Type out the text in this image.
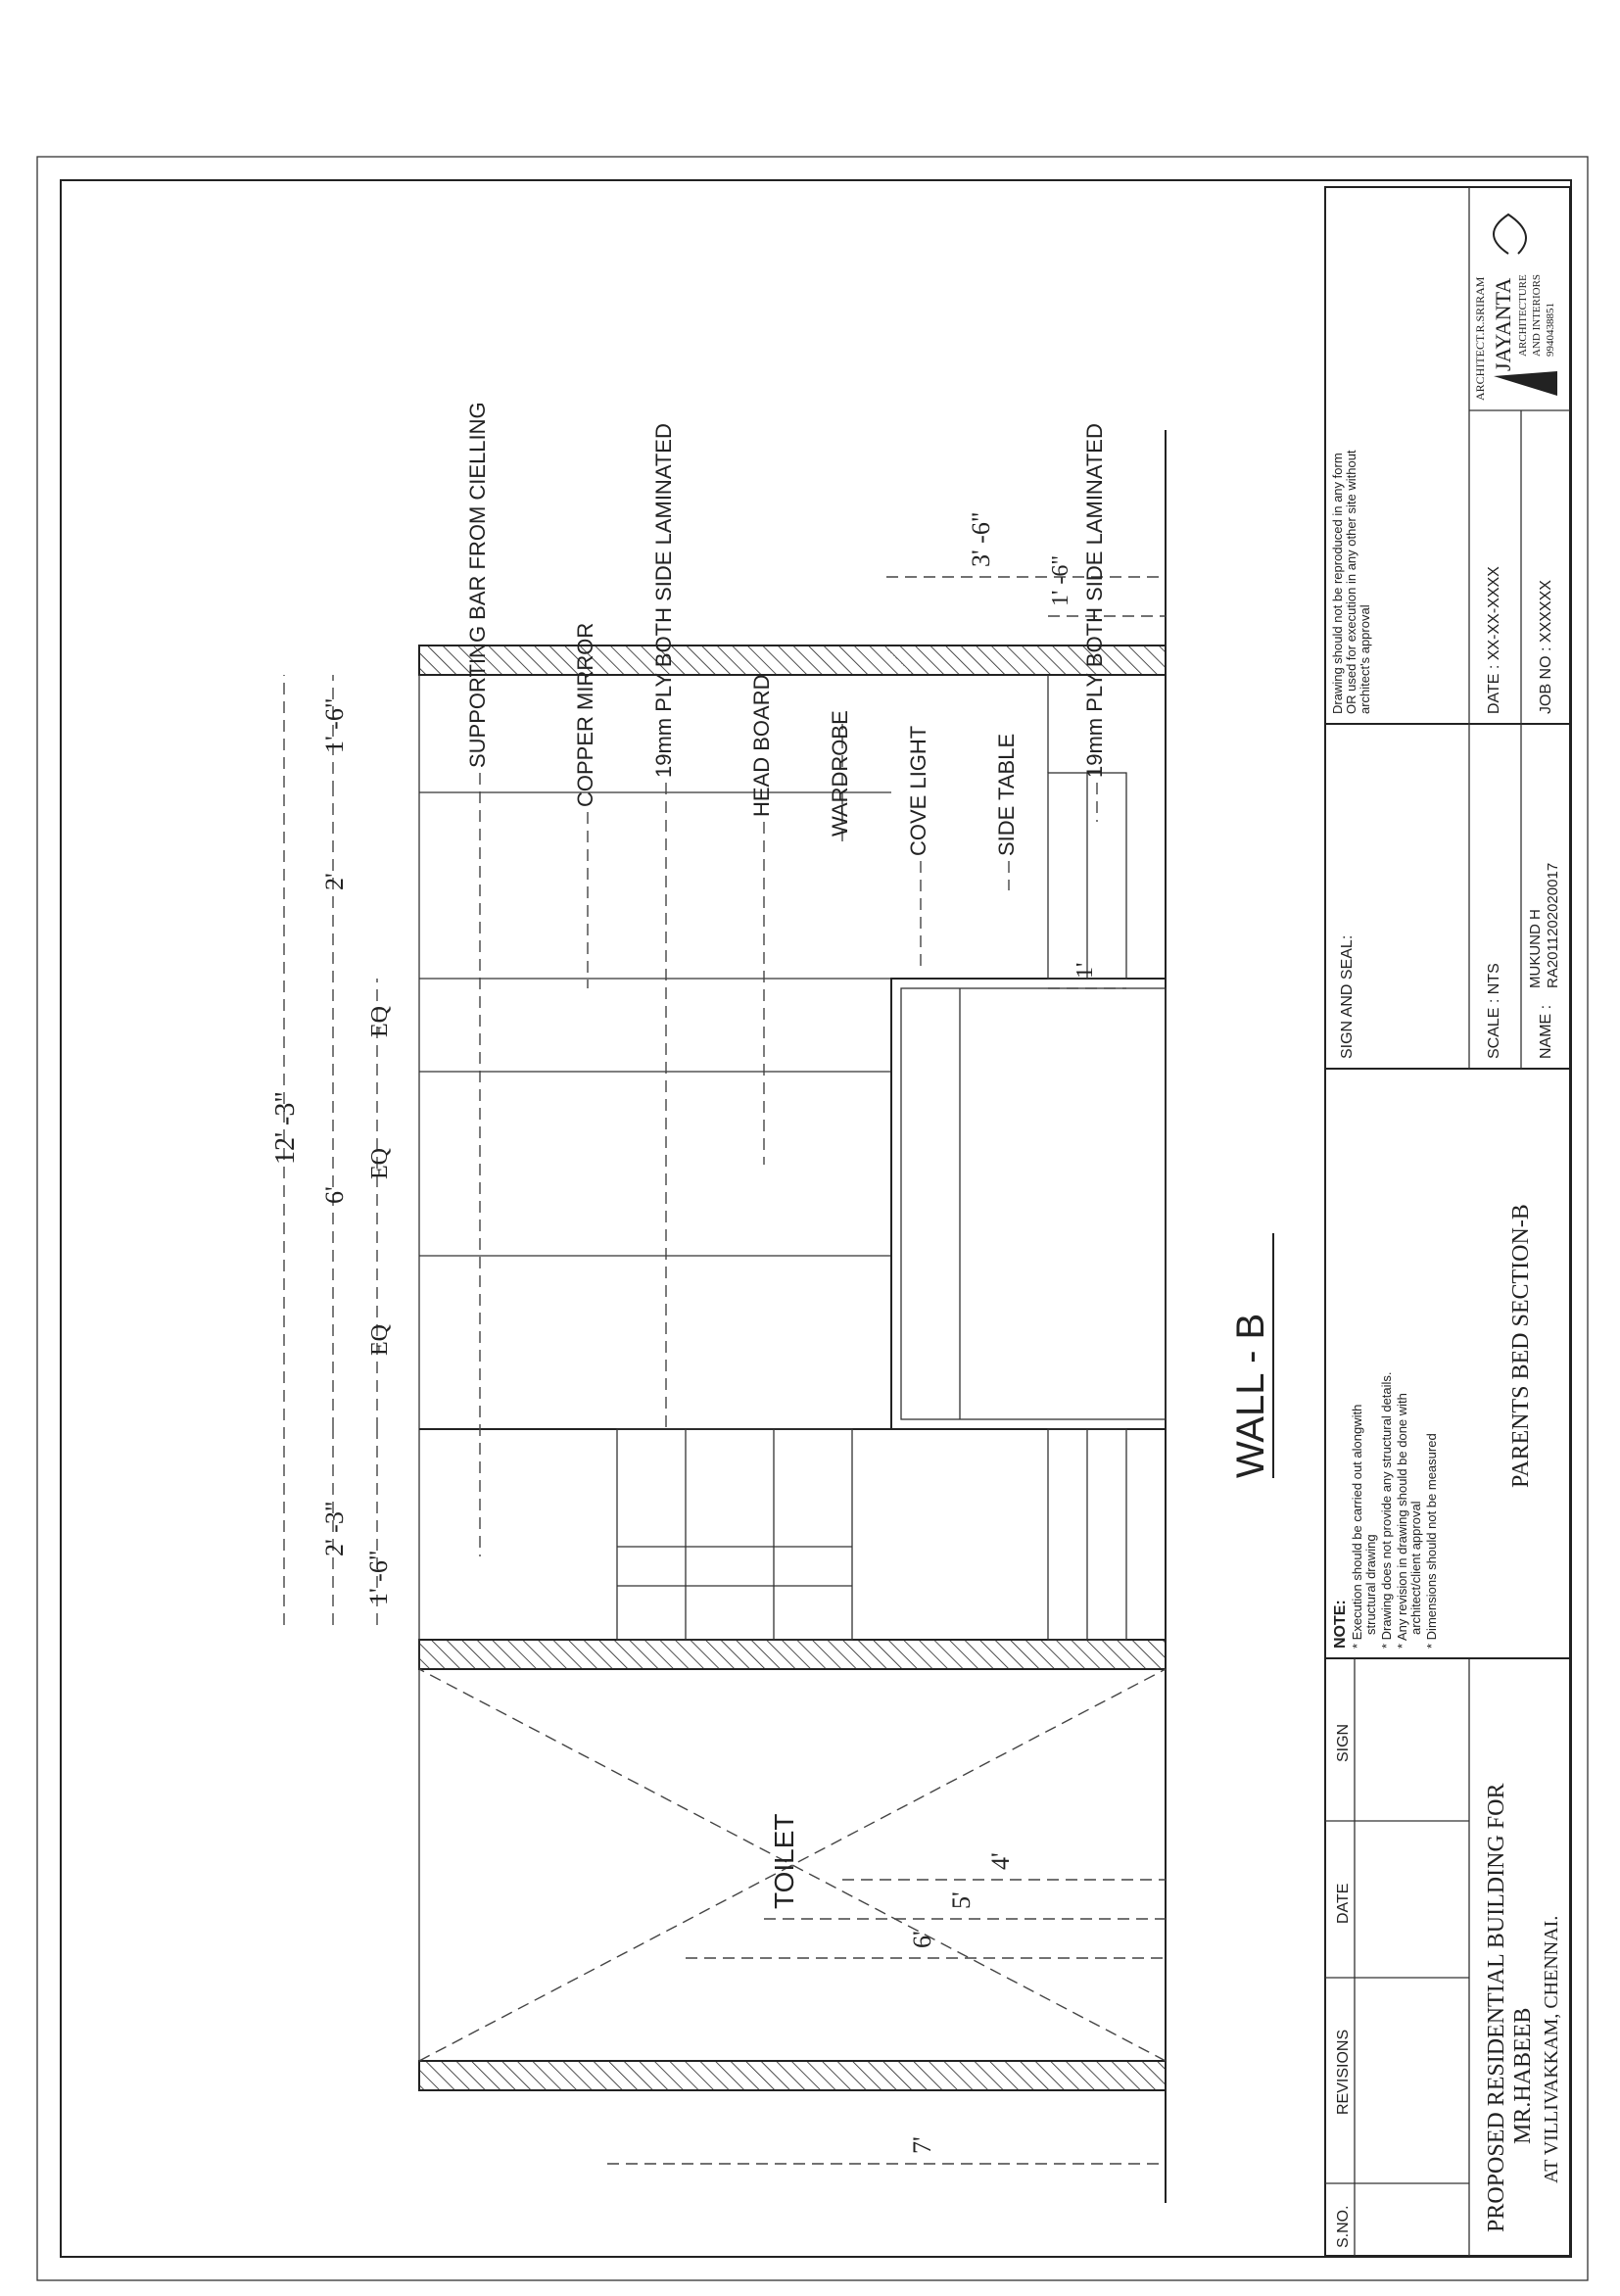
TOILET
12' -3"
6'
2' -3"
1' -6"
1' -6"
2'
EQ
EQ
EQ
7'
6'
5'
4'
3' -6"
1' -6"
1'
SUPPORTING BAR FROM CIELLING	COPPER MIRROR	19mm PLY BOTH SIDE LAMINATED	HEAD BOARD	WARDROBE	COVE LIGHT	SIDE TABLE
19mm PLY BOTH SIDE LAMINATED
WALL - B
S.NO.
REVISIONS
DATE
SIGN
PROPOSED RESIDENTIAL BUILDING FOR MR.HABEEB AT VILLIVAKKAM, CHENNAI.
NOTE: * Execution should be carried out alongwith structural drawing * Drawing does not provide any structural details. * Any revision in drawing should be done with architect/client approval * Dimensions should not be measured
PARENTS BED SECTION-B
SIGN AND SEAL:	SCALE : NTS NAME :
MUKUND H RA2011202020017
Drawing should not be reproduced in any form OR used for execution in any other site without architect's approval	DATE : XX-XX-XXXX JOB NO : XXXXXX
ARCHITECT.R.SRIRAM JAYANTA ARCHITECTURE AND INTERIORS 9940438851
